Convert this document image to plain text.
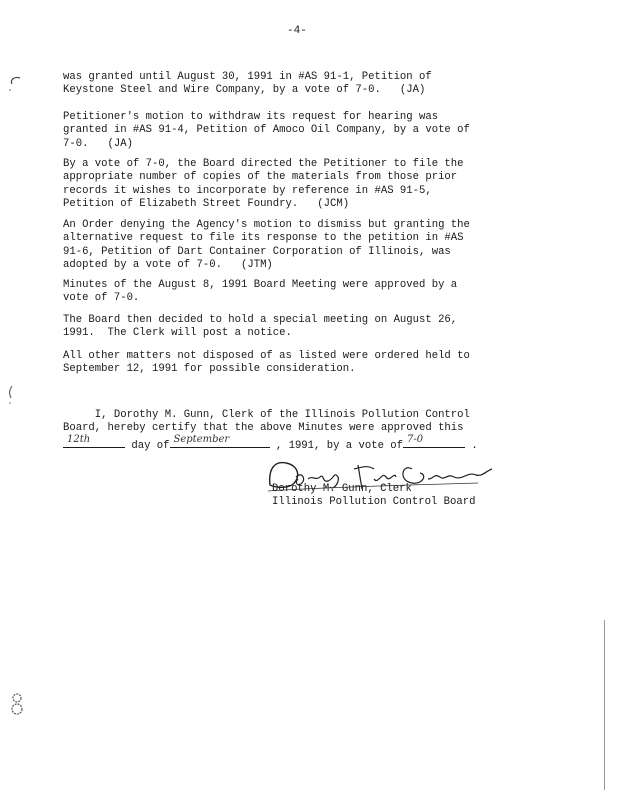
-4-

was granted until August 30, 1991 in #AS 91-1, Petition of
Keystone Steel and Wire Company, by a vote of 7-0.   (JA)

Petitioner's motion to withdraw its request for hearing was
granted in #AS 91-4, Petition of Amoco Oil Company, by a vote of
7-0.   (JA)

By a vote of 7-0, the Board directed the Petitioner to file the
appropriate number of copies of the materials from those prior
records it wishes to incorporate by reference in #AS 91-5,
Petition of Elizabeth Street Foundry.   (JCM)

An Order denying the Agency's motion to dismiss but granting the
alternative request to file its response to the petition in #AS
91-6, Petition of Dart Container Corporation of Illinois, was
adopted by a vote of 7-0.   (JTM)

Minutes of the August 8, 1991 Board Meeting were approved by a
vote of 7-0.

The Board then decided to hold a special meeting on August 26,
1991.  The Clerk will post a notice.

All other matters not disposed of as listed were ordered held to
September 12, 1991 for possible consideration.

I, Dorothy M. Gunn, Clerk of the Illinois Pollution Control
Board, hereby certify that the above Minutes were approved this

12th
day of
September
, 1991, by a vote of
7-0
.
Dorothy M. Gunn, Clerk
Illinois Pollution Control Board
